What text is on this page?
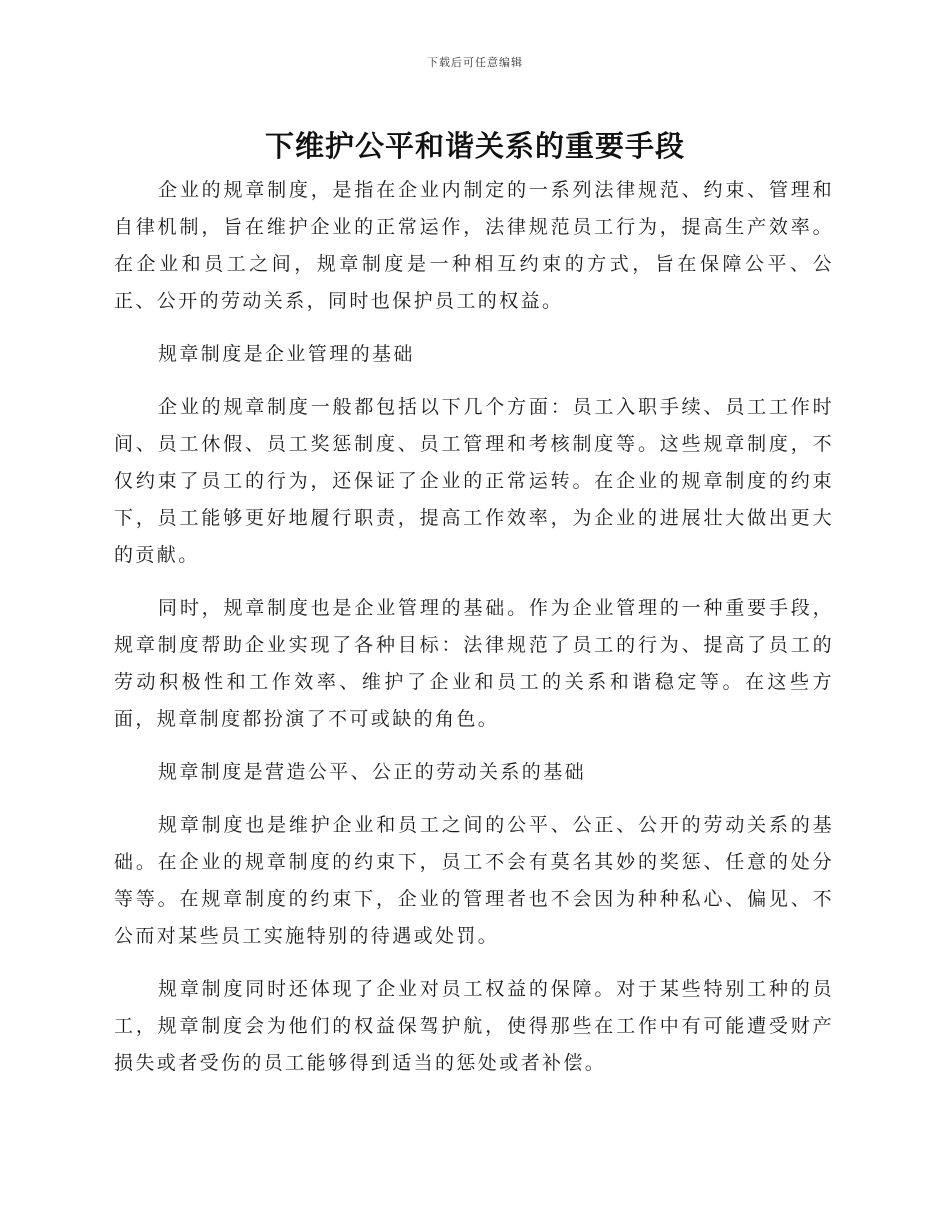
下载后可任意编辑
下维护公平和谐关系的重要手段

企业的规章制度，是指在企业内制定的一系列法律规范、约束、管理和自律机制，旨在维护企业的正常运作，法律规范员工行为，提高生产效率。在企业和员工之间，规章制度是一种相互约束的方式，旨在保障公平、公正、公开的劳动关系，同时也保护员工的权益。

规章制度是企业管理的基础

企业的规章制度一般都包括以下几个方面：员工入职手续、员工工作时间、员工休假、员工奖惩制度、员工管理和考核制度等。这些规章制度，不仅约束了员工的行为，还保证了企业的正常运转。在企业的规章制度的约束下，员工能够更好地履行职责，提高工作效率，为企业的进展壮大做出更大的贡献。

同时，规章制度也是企业管理的基础。作为企业管理的一种重要手段，规章制度帮助企业实现了各种目标：法律规范了员工的行为、提高了员工的劳动积极性和工作效率、维护了企业和员工的关系和谐稳定等。在这些方面，规章制度都扮演了不可或缺的角色。

规章制度是营造公平、公正的劳动关系的基础

规章制度也是维护企业和员工之间的公平、公正、公开的劳动关系的基础。在企业的规章制度的约束下，员工不会有莫名其妙的奖惩、任意的处分等等。在规章制度的约束下，企业的管理者也不会因为种种私心、偏见、不公而对某些员工实施特别的待遇或处罚。

规章制度同时还体现了企业对员工权益的保障。对于某些特别工种的员工，规章制度会为他们的权益保驾护航，使得那些在工作中有可能遭受财产损失或者受伤的员工能够得到适当的惩处或者补偿。
